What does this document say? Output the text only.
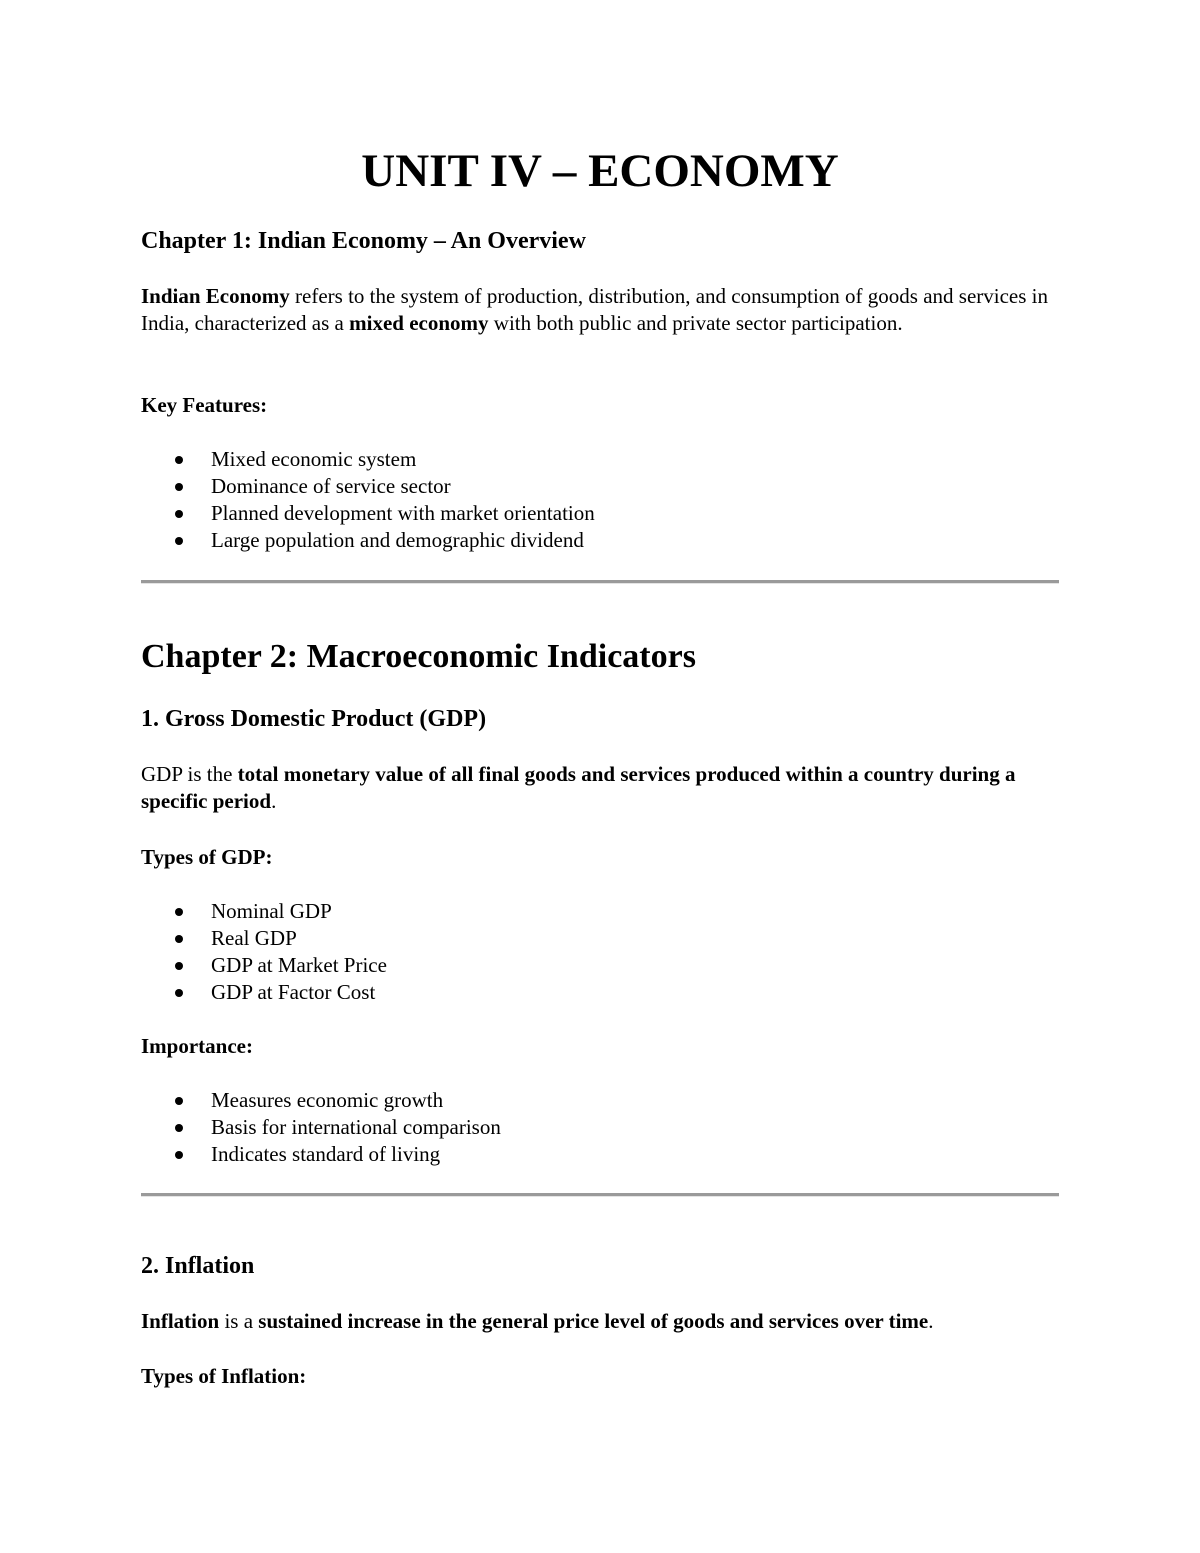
UNIT IV – ECONOMY
Chapter 1: Indian Economy – An Overview

Indian Economy refers to the system of production, distribution, and consumption of goods and services in India, characterized as a mixed economy with both public and private sector participation.

Key Features:

Mixed economic system
Dominance of service sector
Planned development with market orientation
Large population and demographic dividend
Chapter 2: Macroeconomic Indicators
1. Gross Domestic Product (GDP)

GDP is the total monetary value of all final goods and services produced within a country during a specific period.

Types of GDP:

Nominal GDP
Real GDP
GDP at Market Price
GDP at Factor Cost

Importance:

Measures economic growth
Basis for international comparison
Indicates standard of living
2. Inflation

Inflation is a sustained increase in the general price level of goods and services over time.

Types of Inflation:
